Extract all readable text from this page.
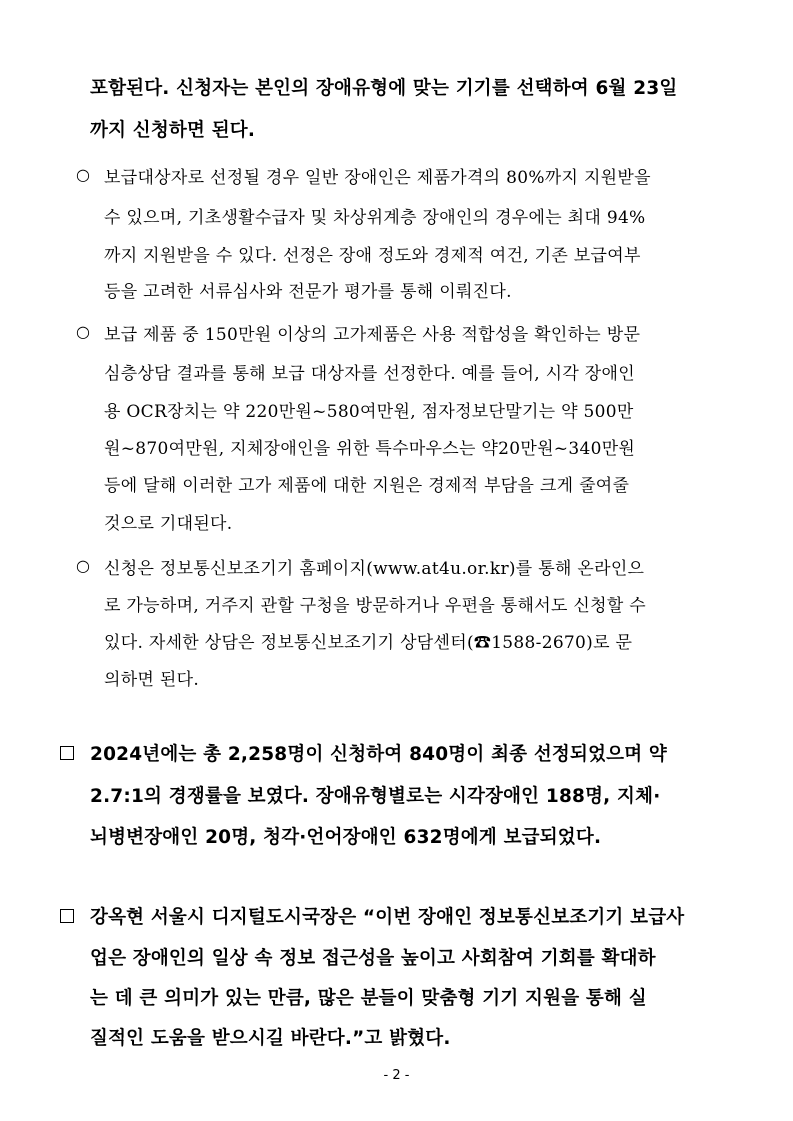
포함된다. 신청자는 본인의 장애유형에 맞는 기기를 선택하여 6월 23일
까지 신청하면 된다.
○ 보급대상자로 선정될 경우 일반 장애인은 제품가격의 80%까지 지원받을
수 있으며, 기초생활수급자 및 차상위계층 장애인의 경우에는 최대 94%
까지 지원받을 수 있다. 선정은 장애 정도와 경제적 여건, 기존 보급여부
등을 고려한 서류심사와 전문가 평가를 통해 이뤄진다.
○ 보급 제품 중 150만원 이상의 고가제품은 사용 적합성을 확인하는 방문
심층상담 결과를 통해 보급 대상자를 선정한다. 예를 들어, 시각 장애인
용 OCR장치는 약 220만원~580여만원, 점자정보단말기는 약 500만
원~870여만원, 지체장애인을 위한 특수마우스는 약20만원~340만원
등에 달해 이러한 고가 제품에 대한 지원은 경제적 부담을 크게 줄여줄
것으로 기대된다.
○ 신청은 정보통신보조기기 홈페이지(www.at4u.or.kr)를 통해 온라인으
로 가능하며, 거주지 관할 구청을 방문하거나 우편을 통해서도 신청할 수
있다. 자세한 상담은 정보통신보조기기 상담센터(☎1588-2670)로 문
의하면 된다.
2024년에는 총 2,258명이 신청하여 840명이 최종 선정되었으며 약
2.7:1의 경쟁률을 보였다. 장애유형별로는 시각장애인 188명, 지체·
뇌병변장애인 20명, 청각·언어장애인 632명에게 보급되었다.
강옥현 서울시 디지털도시국장은 “이번 장애인 정보통신보조기기 보급사
업은 장애인의 일상 속 정보 접근성을 높이고 사회참여 기회를 확대하
는 데 큰 의미가 있는 만큼, 많은 분들이 맞춤형 기기 지원을 통해 실
질적인 도움을 받으시길 바란다.”고 밝혔다.
- 2 -
